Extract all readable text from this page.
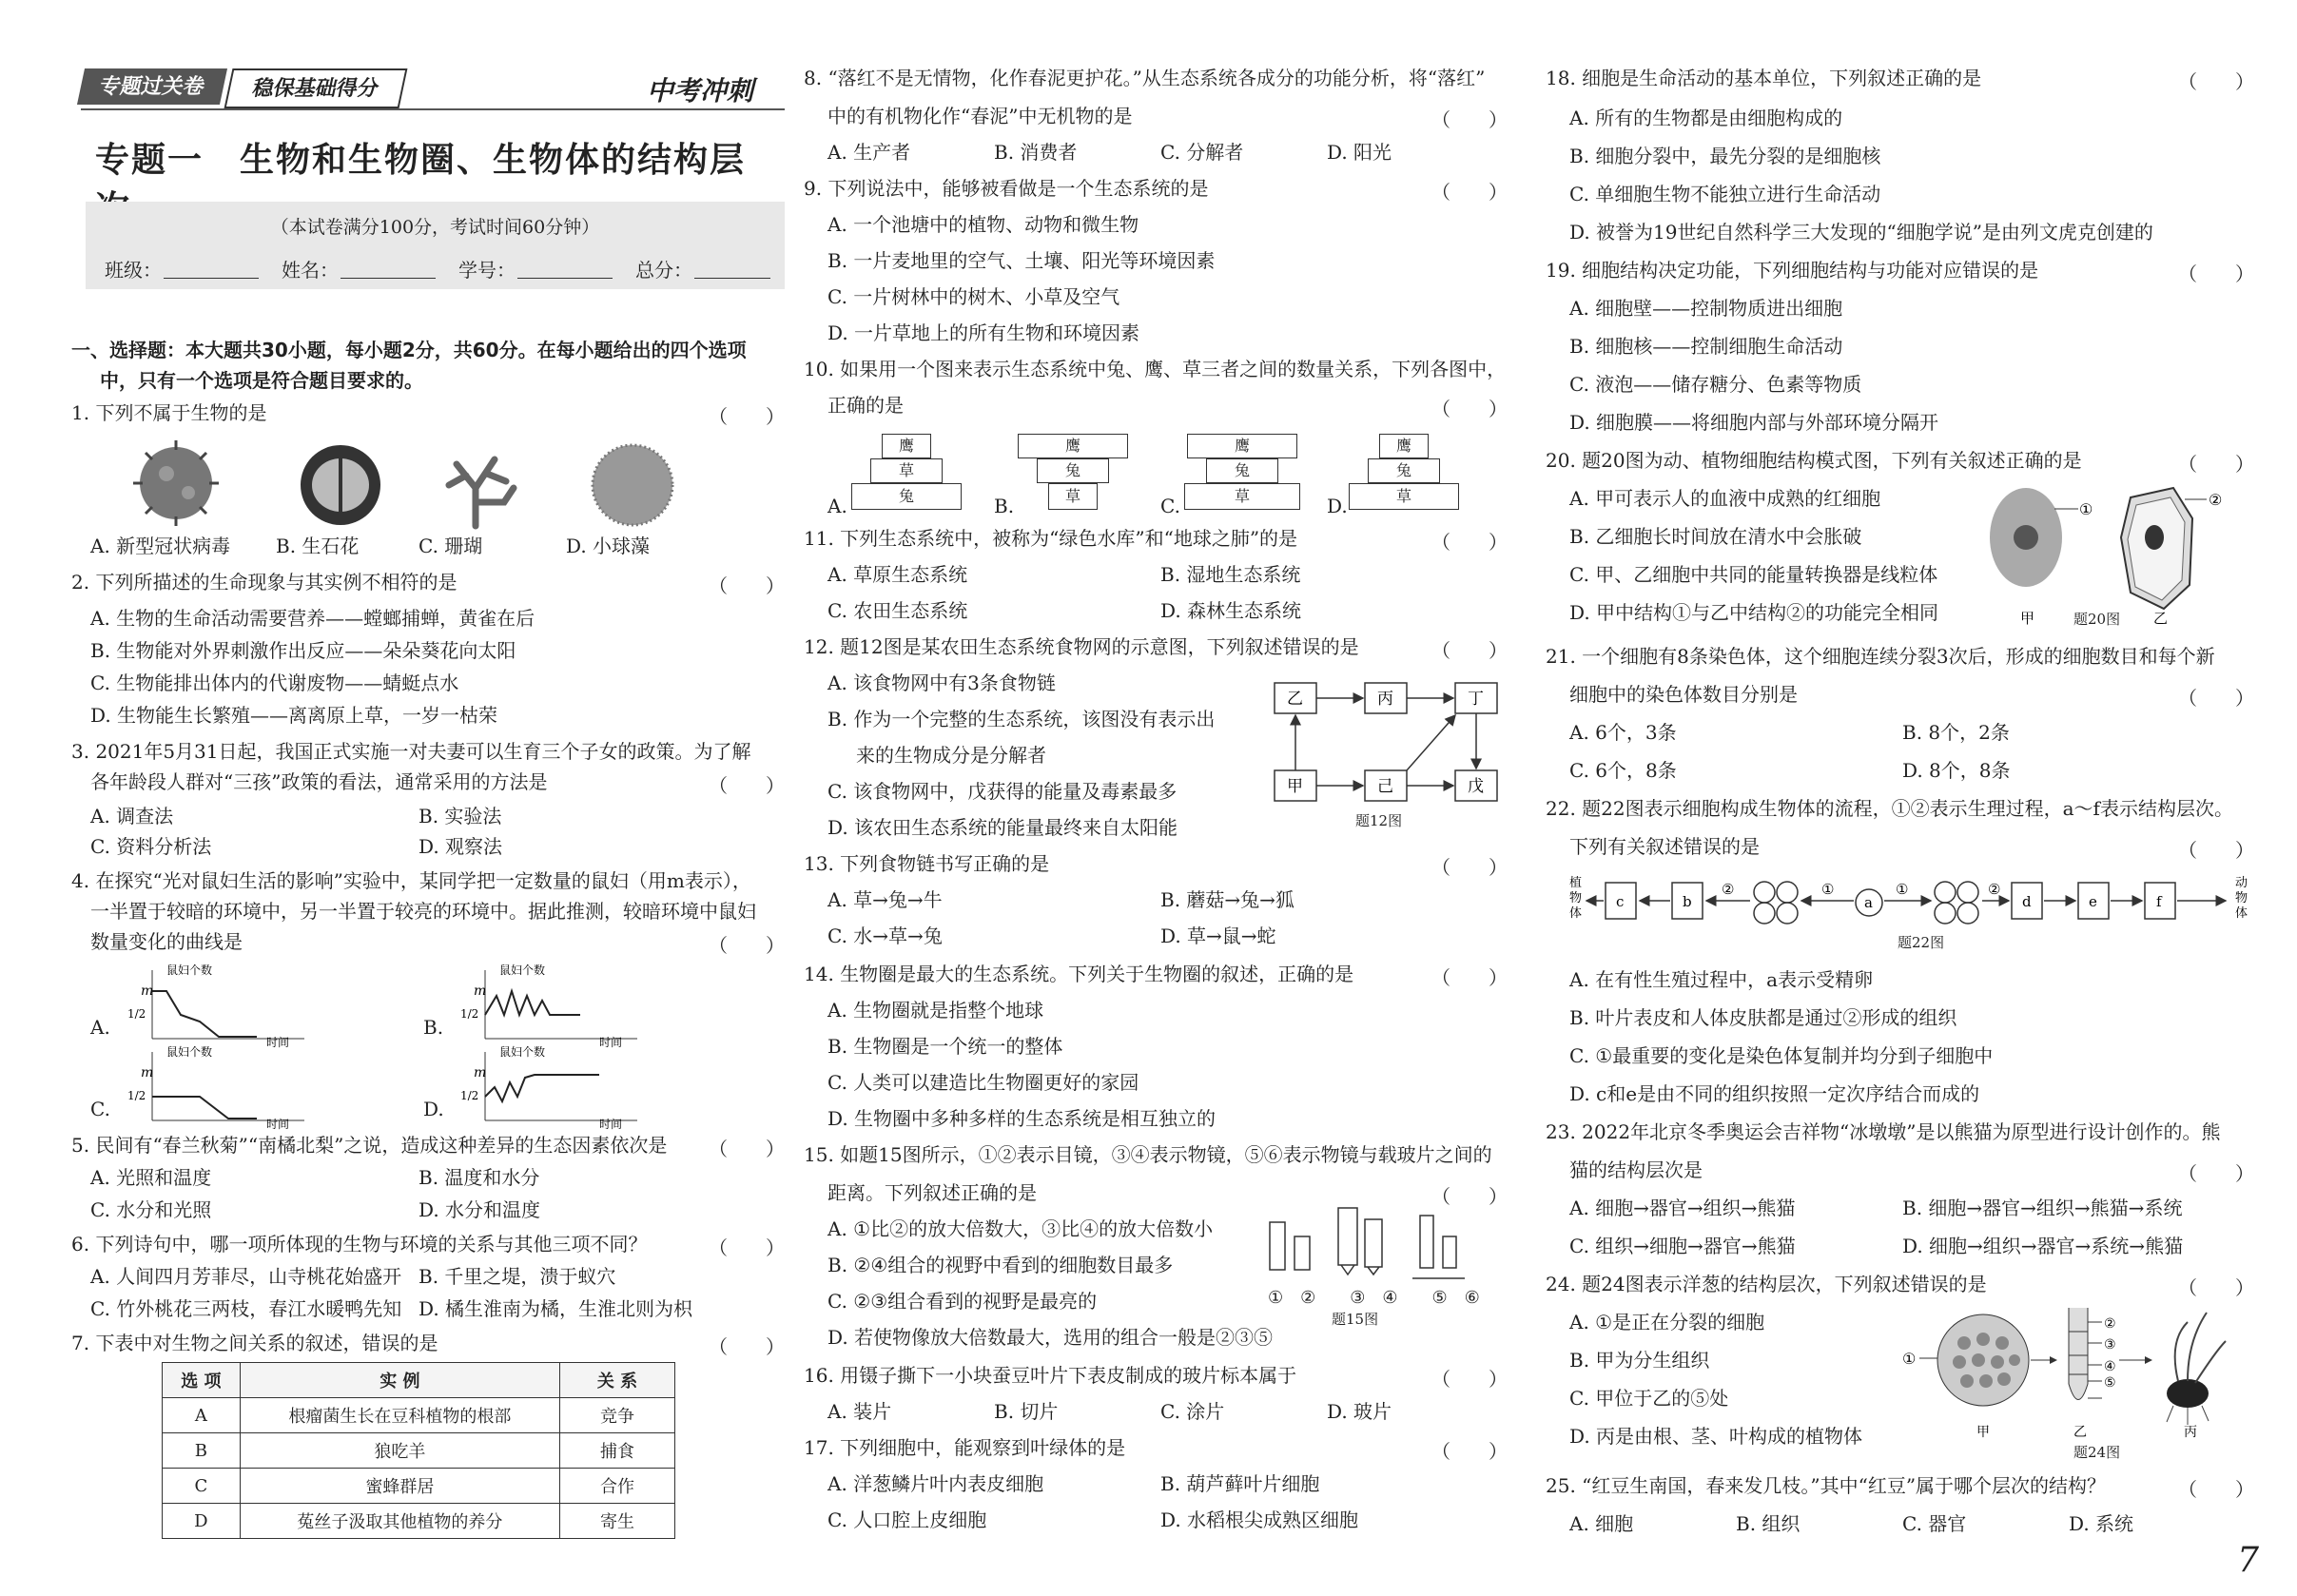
专题过关卷	稳保基础得分	中考冲刺
专题一　生物和生物圈、生物体的结构层
（本试卷满分100分，考试时间60分钟）
班级：	姓名：	学号：	总分：
一、选择题：本大题共30小题，每小题2分，共60分。在每小题给出的四个选项
中，只有一个选项是符合题目要求的。
1. 下列不属于生物的是	（　　）
A. 新型冠状病毒 B. 生石花	C. 珊瑚	D. 小球藻
2. 下列所描述的生命现象与其实例不相符的是	（　　）
A. 生物的生命活动需要营养——螳螂捕蝉，黄雀在后
B. 生物能对外界刺激作出反应——朵朵葵花向太阳
C. 生物能排出体内的代谢废物——蜻蜓点水
D. 生物能生长繁殖——离离原上草，一岁一枯荣
3. 2021年5月31日起，我国正式实施一对夫妻可以生育三个子女的政策。为了解
各年龄段人群对“三孩”政策的看法，通常采用的方法是	（　　）
A. 调查法	B. 实验法
C. 资料分析法	D. 观察法
4. 在探究“光对鼠妇生活的影响”实验中，某同学把一定数量的鼠妇（用m表示），
一半置于较暗的环境中，另一半置于较亮的环境中。据此推测，较暗环境中鼠妇
数量变化的曲线是	（　　）
A.
鼠妇个数
m
1/2
时间
B.
鼠妇个数
m
1/2
时间
C.
鼠妇个数
m
1/2
时间
D.
鼠妇个数
m
1/2
时间
5. 民间有“春兰秋菊”“南橘北梨”之说，造成这种差异的生态因素依次是 （　　）
A. 光照和温度	B. 温度和水分
C. 水分和光照	D. 水分和温度
6. 下列诗句中，哪一项所体现的生物与环境的关系与其他三项不同？	（　　）
A. 人间四月芳菲尽，山寺桃花始盛开 B. 千里之堤，溃于蚁穴
C. 竹外桃花三两枝，春江水暖鸭先知 D. 橘生淮南为橘，生淮北则为枳
7. 下表中对生物之间关系的叙述，错误的是	（　　）
选 项	实 例	关 系
A	根瘤菌生长在豆科植物的根部	竞争
B	狼吃羊	捕食
C	蜜蜂群居	合作
D	菟丝子汲取其他植物的养分	寄生
8. “落红不是无情物，化作春泥更护花。”从生态系统各成分的功能分析，将“落红”
中的有机物化作“春泥”中无机物的是	（　　）
A. 生产者	B. 消费者	C. 分解者	D. 阳光
9. 下列说法中，能够被看做是一个生态系统的是	（　　）
A. 一个池塘中的植物、动物和微生物
B. 一片麦地里的空气、土壤、阳光等环境因素
C. 一片树林中的树木、小草及空气
D. 一片草地上的所有生物和环境因素
10. 如果用一个图来表示生态系统中兔、鹰、草三者之间的数量关系，下列各图中，
正确的是	（　　）
A.
鹰
草
兔	B.
鹰
兔
草	C.
鹰
兔
草	D.
鹰
兔
草
11. 下列生态系统中，被称为“绿色水库”和“地球之肺”的是	（　　）
A. 草原生态系统	B. 湿地生态系统
C. 农田生态系统	D. 森林生态系统
12. 题12图是某农田生态系统食物网的示意图，下列叙述错误的是	（　　）
A. 该食物网中有3条食物链
B. 作为一个完整的生态系统，该图没有表示出
来的生物成分是分解者
C. 该食物网中，戊获得的能量及毒素最多
D. 该农田生态系统的能量最终来自太阳能
乙	丙	丁
甲	己	戊
题12图
13. 下列食物链书写正确的是	（　　）
A. 草→兔→牛	B. 蘑菇→兔→狐
C. 水→草→兔	D. 草→鼠→蛇
14. 生物圈是最大的生态系统。下列关于生物圈的叙述，正确的是	（　　）
A. 生物圈就是指整个地球
B. 生物圈是一个统一的整体
C. 人类可以建造比生物圈更好的家园
D. 生物圈中多种多样的生态系统是相互独立的
15. 如题15图所示，①②表示目镜，③④表示物镜，⑤⑥表示物镜与载玻片之间的
距离。下列叙述正确的是	（　　）
A. ①比②的放大倍数大，③比④的放大倍数小
B. ②④组合的视野中看到的细胞数目最多
C. ②③组合看到的视野是最亮的
D. 若使物像放大倍数最大，选用的组合一般是②③⑤
①　②　　③　④　　⑤　⑥
题15图
16. 用镊子撕下一小块蚕豆叶片下表皮制成的玻片标本属于	（　　）
A. 装片	B. 切片	C. 涂片	D. 玻片
17. 下列细胞中，能观察到叶绿体的是	（　　）
A. 洋葱鳞片叶内表皮细胞	B. 葫芦藓叶片细胞
C. 人口腔上皮细胞	D. 水稻根尖成熟区细胞
18. 细胞是生命活动的基本单位，下列叙述正确的是	（　　）
A. 所有的生物都是由细胞构成的
B. 细胞分裂中，最先分裂的是细胞核
C. 单细胞生物不能独立进行生命活动
D. 被誉为19世纪自然科学三大发现的“细胞学说”是由列文虎克创建的
19. 细胞结构决定功能，下列细胞结构与功能对应错误的是	（　　）
A. 细胞壁——控制物质进出细胞
B. 细胞核——控制细胞生命活动
C. 液泡——储存糖分、色素等物质
D. 细胞膜——将细胞内部与外部环境分隔开
20. 题20图为动、植物细胞结构模式图，下列有关叙述正确的是	（　　）
A. 甲可表示人的血液中成熟的红细胞
B. 乙细胞长时间放在清水中会胀破
C. 甲、乙细胞中共同的能量转换器是线粒体
D. 甲中结构①与乙中结构②的功能完全相同
①
②
甲	乙
题20图
21. 一个细胞有8条染色体，这个细胞连续分裂3次后，形成的细胞数目和每个新
细胞中的染色体数目分别是	（　　）
A. 6个，3条	B. 8个，2条
C. 6个，8条	D. 8个，8条
22. 题22图表示细胞构成生物体的流程，①②表示生理过程，a～f表示结构层次。
下列有关叙述错误的是	（　　）
植
物
体
动
物
体
②	①	①	②
c	b	a	d	e	f
题22图
A. 在有性生殖过程中，a表示受精卵
B. 叶片表皮和人体皮肤都是通过②形成的组织
C. ①最重要的变化是染色体复制并均分到子细胞中
D. c和e是由不同的组织按照一定次序结合而成的
23. 2022年北京冬季奥运会吉祥物“冰墩墩”是以熊猫为原型进行设计创作的。熊
猫的结构层次是	（　　）
A. 细胞→器官→组织→熊猫	B. 细胞→器官→组织→熊猫→系统
C. 组织→细胞→器官→熊猫	D. 细胞→组织→器官→系统→熊猫
24. 题24图表示洋葱的结构层次，下列叙述错误的是	（　　）
A. ①是正在分裂的细胞
B. 甲为分生组织
C. 甲位于乙的⑤处
D. 丙是由根、茎、叶构成的植物体
①
②
③
④
⑤
甲	乙	丙
题24图
25. “红豆生南国，春来发几枝。”其中“红豆”属于哪个层次的结构？	（　　）
A. 细胞	B. 组织	C. 器官	D. 系统
7
